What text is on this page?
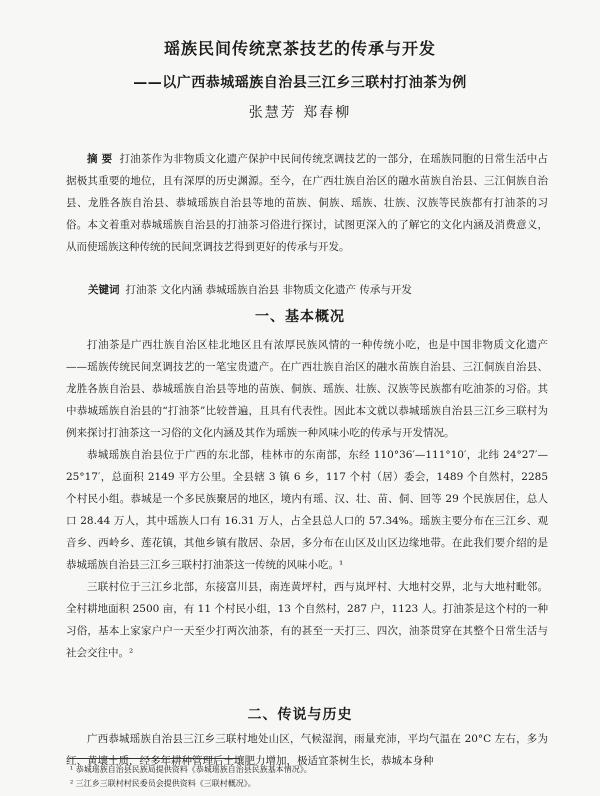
瑶族民间传统烹茶技艺的传承与开发
——以广西恭城瑶族自治县三江乡三联村打油茶为例
张慧芳 郑春柳

摘 要 打油茶作为非物质文化遗产保护中民间传统烹调技艺的一部分，在瑶族同胞的日常生活中占据极其重要的地位，且有深厚的历史渊源。至今，在广西壮族自治区的融水苗族自治县、三江侗族自治县、龙胜各族自治县、恭城瑶族自治县等地的苗族、侗族、瑶族、壮族、汉族等民族都有打油茶的习俗。本文着重对恭城瑶族自治县的打油茶习俗进行探讨，试图更深入的了解它的文化内涵及消费意义，从而使瑶族这种传统的民间烹调技艺得到更好的传承与开发。

关键词 打油茶 文化内涵 恭城瑶族自治县 非物质文化遗产 传承与开发
一、基本概况

打油茶是广西壮族自治区桂北地区且有浓厚民族风情的一种传统小吃，也是中国非物质文化遗产——瑶族传统民间烹调技艺的一笔宝贵遗产。在广西壮族自治区的融水苗族自治县、三江侗族自治县、龙胜各族自治县、恭城瑶族自治县等地的苗族、侗族、瑶族、壮族、汉族等民族都有吃油茶的习俗。其中恭城瑶族自治县的“打油茶”比较普遍，且具有代表性。因此本文就以恭城瑶族自治县三江乡三联村为例来探讨打油茶这一习俗的文化内涵及其作为瑶族一种风味小吃的传承与开发情况。

恭城瑶族自治县位于广西的东北部，桂林市的东南部，东经 110°36′—111°10′，北纬 24°27′—25°17′，总面积 2149 平方公里。全县辖 3 镇 6 乡，117 个村（居）委会，1489 个自然村，2285 个村民小组。恭城是一个多民族聚居的地区，境内有瑶、汉、壮、苗、侗、回等 29 个民族居住，总人口 28.44 万人，其中瑶族人口有 16.31 万人，占全县总人口的 57.34%。瑶族主要分布在三江乡、观音乡、西岭乡、莲花镇，其他乡镇有散居、杂居，多分布在山区及山区边缘地带。在此我们要介绍的是恭城瑶族自治县三江乡三联村打油茶这一传统的风味小吃。¹

三联村位于三江乡北部，东接富川县，南连黄坪村，西与岚坪村、大地村交界，北与大地村毗邻。全村耕地面积 2500 亩，有 11 个村民小组，13 个自然村，287 户，1123 人。打油茶是这个村的一种习俗，基本上家家户户一天至少打两次油茶，有的甚至一天打三、四次，油茶贯穿在其整个日常生活与社会交往中。²

二、传说与历史

广西恭城瑶族自治县三江乡三联村地处山区，气候湿润，雨量充沛，平均气温在 20°C 左右，多为红、黄壤土质，经多年耕种管理后土壤肥力增加，极适宜茶树生长，恭城本身种

¹ 恭城瑶族自治县民族局提供资料《恭城瑶族自治县民族基本情况》。
² 三江乡三联村村民委员会提供资料《三联村概况》。
